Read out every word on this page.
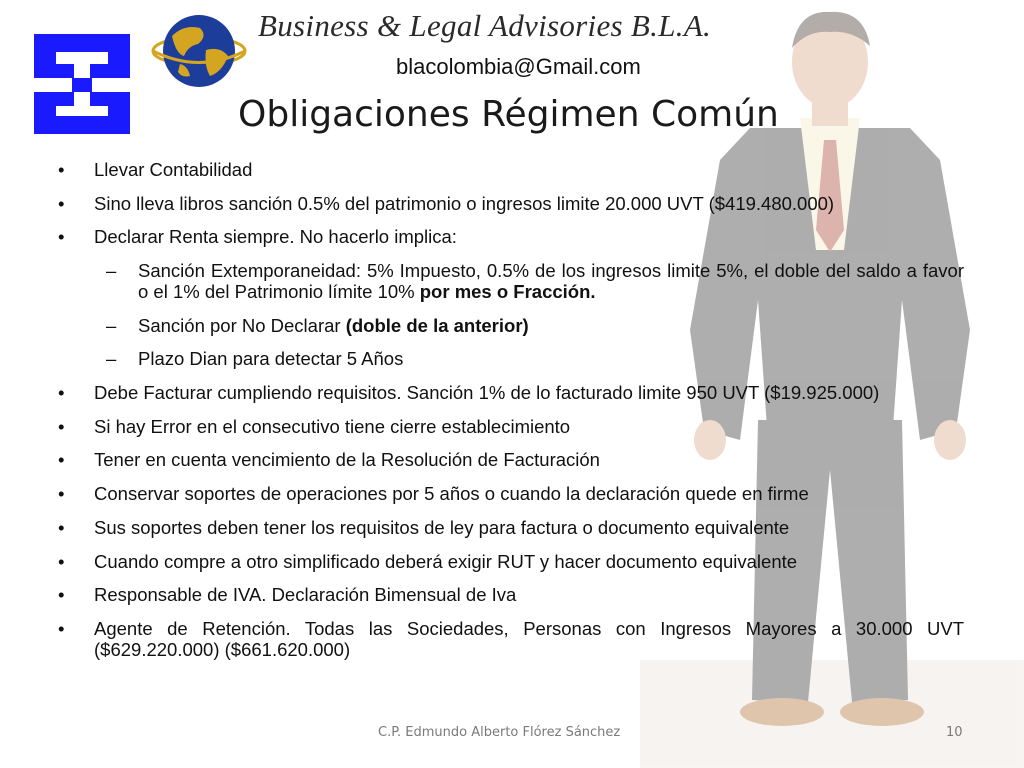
Business & Legal Advisories B.L.A.
blacolombia@Gmail.com
Obligaciones Régimen Común
•	Llevar Contabilidad
•	Sino lleva libros sanción 0.5% del patrimonio o ingresos limite 20.000 UVT ($419.480.000)
•	Declarar Renta siempre. No hacerlo implica:
–	Sanción Extemporaneidad: 5% Impuesto, 0.5% de los ingresos limite 5%, el doble del saldo a favor o el 1% del Patrimonio límite 10% por mes o Fracción.
–	Sanción por No Declarar (doble de la anterior)
–	Plazo Dian para detectar 5 Años
•	Debe Facturar cumpliendo requisitos. Sanción 1% de lo facturado limite 950 UVT ($19.925.000)
•	Si hay Error en el consecutivo tiene cierre establecimiento
•	Tener en cuenta vencimiento de la Resolución de Facturación
•	Conservar soportes de operaciones por 5 años o cuando la declaración quede en firme
•	Sus soportes deben tener los requisitos de ley para factura o documento equivalente
•	Cuando compre a otro simplificado deberá exigir RUT y hacer documento equivalente
•	Responsable de IVA. Declaración Bimensual de Iva
•	Agente de Retención. Todas las Sociedades, Personas con Ingresos Mayores a 30.000 UVT ($629.220.000) ($661.620.000)
C.P. Edmundo Alberto Flórez Sánchez	10
